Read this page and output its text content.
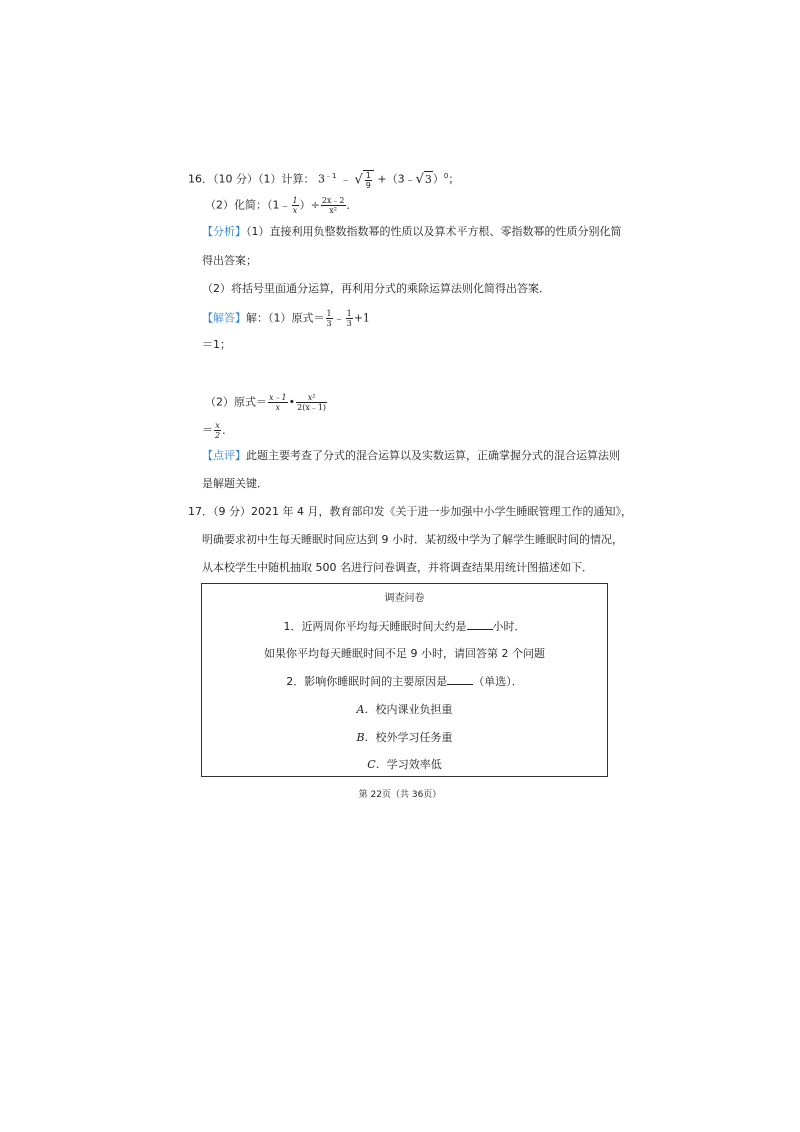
16．（10 分）（1）计算： $3^{﹣1}$ ﹣ √ $\frac{1}{9}$ +（3﹣√3）$^0$；
（2）化简：（1﹣ $\frac{1}{x}$ ）÷ $\frac{2x﹣2}{\text{x²}}$ ．
【分析】（1）直接利用负整数指数幂的性质以及算术平方根、零指数幂的性质分别化简
得出答案；
（2）将括号里面通分运算，再利用分式的乘除运算法则化简得出答案．
【解答】解：（1）原式＝ $\frac{1}{3}$ ﹣ $\frac{1}{3} +1$
＝1；
（2）原式＝ $\frac{x﹣1}{x}$ • $\frac{\text{x²}}{2(x﹣1)}$
＝ $\frac{x}{2}$ ．
【点评】此题主要考查了分式的混合运算以及实数运算，正确掌握分式的混合运算法则
是解题关键．
17．（9 分）2021 年 4 月，教育部印发《关于进一步加强中小学生睡眠管理工作的通知》，
明确要求初中生每天睡眠时间应达到 9 小时．某初级中学为了解学生睡眠时间的情况，
从本校学生中随机抽取 500 名进行问卷调查，并将调查结果用统计图描述如下．
调查问卷
1．近两周你平均每天睡眠时间大约是 小时．
如果你平均每天睡眠时间不足 9 小时，请回答第 2 个问题
2．影响你睡眠时间的主要原因是 （单选）．
A．校内课业负担重
B．校外学习任务重
C．学习效率低
第 22页（共 36页）
